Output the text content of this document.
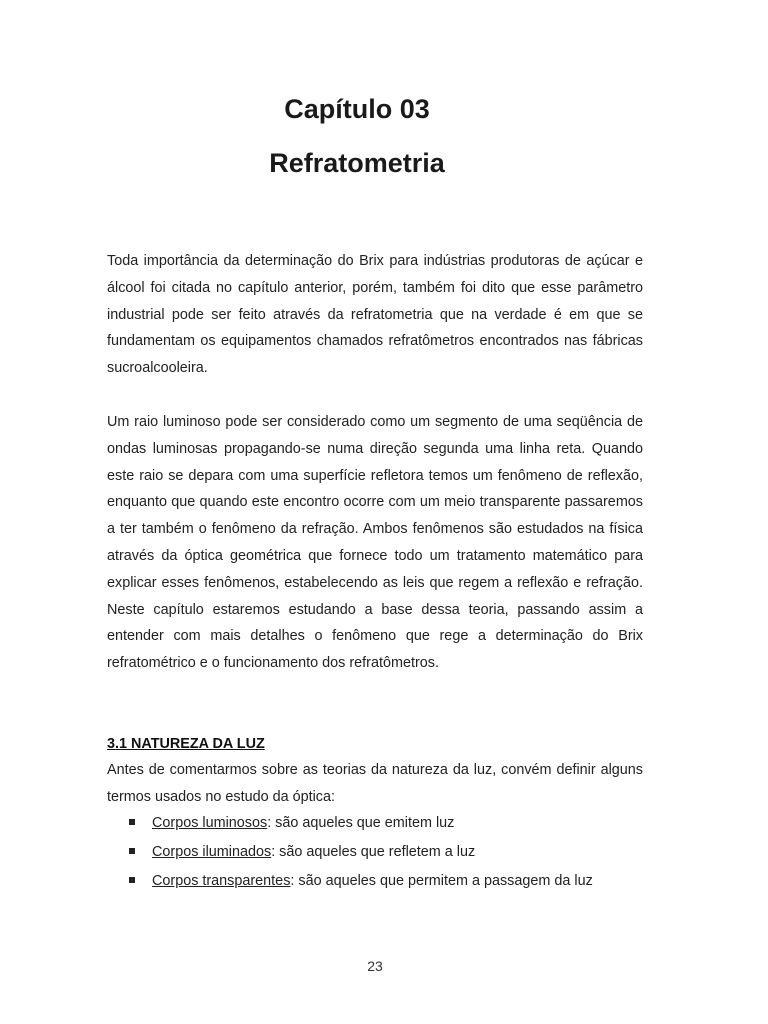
Capítulo 03
Refratometria

Toda importância da determinação do Brix para indústrias produtoras de açúcar e álcool foi citada no capítulo anterior, porém, também foi dito que esse parâmetro industrial pode ser feito através da refratometria que na verdade é em que se fundamentam os equipamentos chamados refratômetros encontrados nas fábricas sucroalcooleira.

Um raio luminoso pode ser considerado como um segmento de uma seqüência de ondas luminosas propagando-se numa direção segunda uma linha reta. Quando este raio se depara com uma superfície refletora temos um fenômeno de reflexão, enquanto que quando este encontro ocorre com um meio transparente passaremos a ter também o fenômeno da refração. Ambos fenômenos são estudados na física através da óptica geométrica que fornece todo um tratamento matemático para explicar esses fenômenos, estabelecendo as leis que regem a reflexão e refração. Neste capítulo estaremos estudando a base dessa teoria, passando assim a entender com mais detalhes o fenômeno que rege a determinação do Brix refratométrico e o funcionamento dos refratômetros.

3.1 NATUREZA DA LUZ

Antes de comentarmos sobre as teorias da natureza da luz, convém definir alguns termos usados no estudo da óptica:

Corpos luminosos: são aqueles que emitem luz
Corpos iluminados: são aqueles que refletem a luz
Corpos transparentes: são aqueles que permitem a passagem da luz

23
